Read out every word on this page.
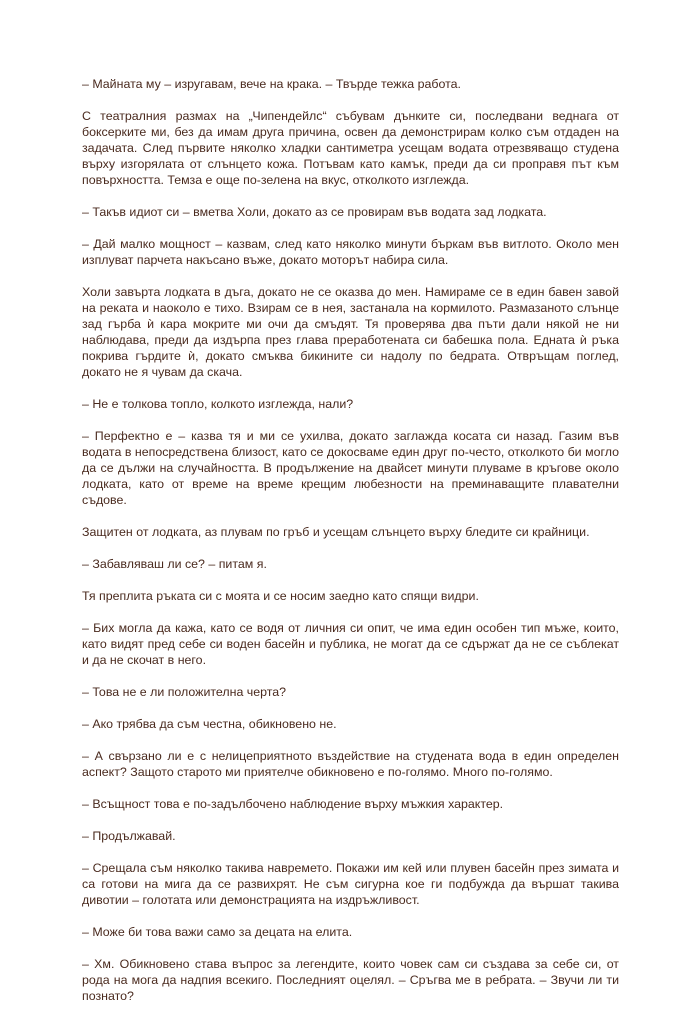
– Майната му – изругавам, вече на крака. – Твърде тежка работа.

С театралния размах на „Чипендейлс“ събувам дънките си, последвани веднага от боксерките ми, без да имам друга причина, освен да демонстрирам колко съм отдаден на задачата. След първите няколко хладки сантиметра усещам водата отрезвяващо студена върху изгорялата от слънцето кожа. Потъвам като камък, преди да си проправя път към повърхността. Темза е още по-зелена на вкус, отколкото изглежда.

– Такъв идиот си – вметва Холи, докато аз се провирам във водата зад лодката.

– Дай малко мощност – казвам, след като няколко минути бъркам във витлото. Около мен изплуват парчета накъсано въже, докато моторът набира сила.

Холи завърта лодката в дъга, докато не се оказва до мен. Намираме се в един бавен завой на реката и наоколо е тихо. Взирам се в нея, застанала на кормилото. Размазаното слънце зад гърба ѝ кара мокрите ми очи да смъдят. Тя проверява два пъти дали някой не ни наблюдава, преди да издърпа през глава преработената си бабешка пола. Едната ѝ ръка покрива гърдите ѝ, докато смъква бикините си надолу по бедрата. Отвръщам поглед, докато не я чувам да скача.

– Не е толкова топло, колкото изглежда, нали?

– Перфектно е – казва тя и ми се ухилва, докато заглажда косата си назад. Газим във водата в непосредствена близост, като се докосваме един друг по-често, отколкото би могло да се дължи на случайността. В продължение на двайсет минути плуваме в кръгове около лодката, като от време на време крещим любезности на преминаващите плавателни съдове.

Защитен от лодката, аз плувам по гръб и усещам слънцето върху бледите си крайници.

– Забавляваш ли се? – питам я.

Тя преплита ръката си с моята и се носим заедно като спящи видри.

– Бих могла да кажа, като се водя от личния си опит, че има един особен тип мъже, които, като видят пред себе си воден басейн и публика, не могат да се сдържат да не се съблекат и да не скочат в него.

– Това не е ли положителна черта?

– Ако трябва да съм честна, обикновено не.

– А свързано ли е с нелицеприятното въздействие на студената вода в един определен аспект? Защото старото ми приятелче обикновено е по-голямо. Много по-голямо.

– Всъщност това е по-задълбочено наблюдение върху мъжкия характер.

– Продължавай.

– Срещала съм няколко такива навремето. Покажи им кей или плувен басейн през зимата и са готови на мига да се развихрят. Не съм сигурна кое ги подбужда да вършат такива дивотии – голотата или демонстрацията на издръжливост.

– Може би това важи само за децата на елита.

– Хм. Обикновено става въпрос за легендите, които човек сам си създава за себе си, от рода на мога да надпия всекиго. Последният оцелял. – Сръгва ме в ребрата. – Звучи ли ти познато?
